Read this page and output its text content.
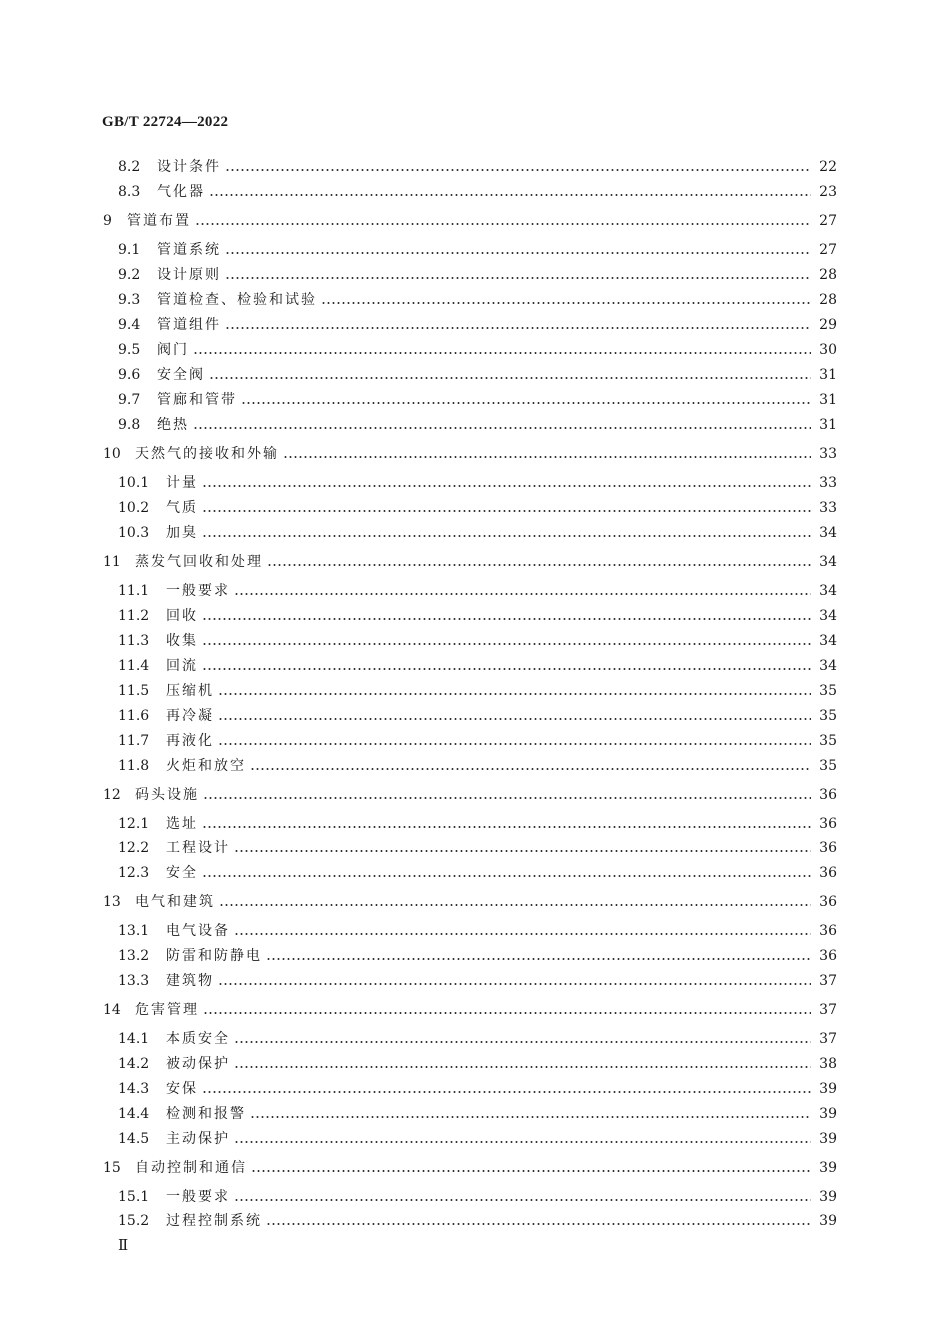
GB/T 22724—2022
8.2	设计条件	22
8.3	气化器	23
9	管道布置	27
9.1	管道系统	27
9.2	设计原则	28
9.3	管道检查、检验和试验	28
9.4	管道组件	29
9.5	阀门	30
9.6	安全阀	31
9.7	管廊和管带	31
9.8	绝热	31
10	天然气的接收和外输	33
10.1	计量	33
10.2	气质	33
10.3	加臭	34
11	蒸发气回收和处理	34
11.1	一般要求	34
11.2	回收	34
11.3	收集	34
11.4	回流	34
11.5	压缩机	35
11.6	再冷凝	35
11.7	再液化	35
11.8	火炬和放空	35
12	码头设施	36
12.1	选址	36
12.2	工程设计	36
12.3	安全	36
13	电气和建筑	36
13.1	电气设备	36
13.2	防雷和防静电	36
13.3	建筑物	37
14	危害管理	37
14.1	本质安全	37
14.2	被动保护	38
14.3	安保	39
14.4	检测和报警	39
14.5	主动保护	39
15	自动控制和通信	39
15.1	一般要求	39
15.2	过程控制系统	39
Ⅱ
